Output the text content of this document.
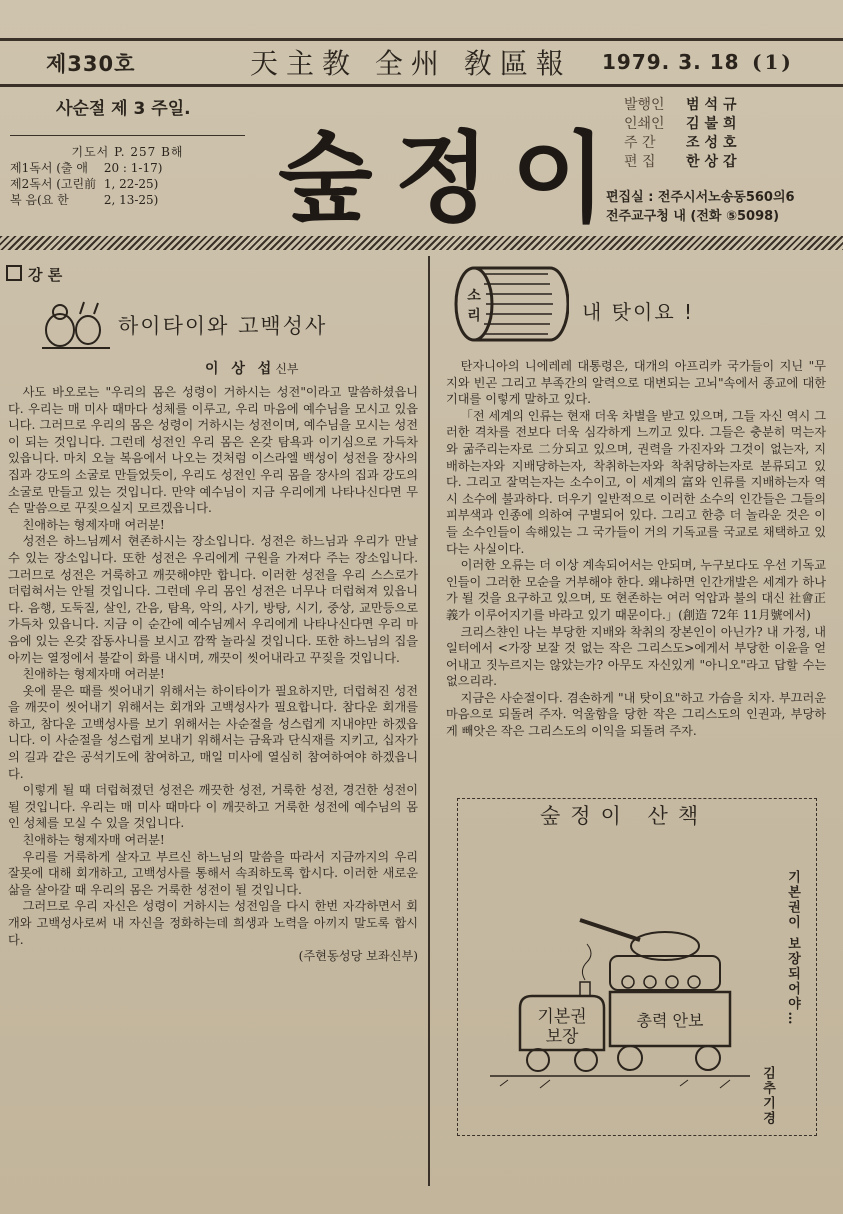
제330호	天主教 全州 敎區報 1979. 3. 18 (1)
사순절 제 3 주일.
기도서 P. 257 B해
제1독서 (출 애 20 : 1-17)
제2독서 (고린前 1, 22-25)
복 음(요 한	2, 13-25)	숲정이
발행인 범석규
인쇄인 김불희
주 간 조성호
편 집 한상갑
편집실 : 전주시서노송동560의6
전주교구청 내 (전화 ⑤5098)
강 론
하이타이와 고백성사
이 상 섭신부

사도 바오로는 "우리의 몸은 성령이 거하시는 성전"이라고 말씀하셨읍니다. 우리는 매 미사 때마다 성체를 이루고, 우리 마음에 예수님을 모시고 있읍니다. 그러므로 우리의 몸은 성령이 거하시는 성전이며, 예수님을 모시는 성전이 되는 것입니다. 그런데 성전인 우리 몸은 온갖 탐욕과 이기심으로 가득차 있읍니다. 마치 오늘 복음에서 나오는 것처럼 이스라엘 백성이 성전을 장사의 집과 강도의 소굴로 만들었듯이, 우리도 성전인 우리 몸을 장사의 집과 강도의 소굴로 만들고 있는 것입니다. 만약 예수님이 지금 우리에게 나타나신다면 무슨 말씀으로 꾸짖으실지 모르겠읍니다.

친애하는 형제자매 여러분!

성전은 하느님께서 현존하시는 장소입니다. 성전은 하느님과 우리가 만날 수 있는 장소입니다. 또한 성전은 우리에게 구원을 가져다 주는 장소입니다. 그러므로 성전은 거룩하고 깨끗해야만 합니다. 이러한 성전을 우리 스스로가 더럽혀서는 안될 것입니다. 그런데 우리 몸인 성전은 너무나 더럽혀져 있읍니다. 음행, 도둑질, 살인, 간음, 탐욕, 악의, 사기, 방탕, 시기, 중상, 교만등으로 가득차 있읍니다. 지금 이 순간에 예수님께서 우리에게 나타나신다면 우리 마음에 있는 온갖 잡동사니를 보시고 깜짝 놀라실 것입니다. 또한 하느님의 집을 아끼는 열정에서 불같이 화를 내시며, 깨끗이 씻어내라고 꾸짖을 것입니다.

친애하는 형제자매 여러분!

옷에 묻은 때를 씻어내기 위해서는 하이타이가 필요하지만, 더럽혀진 성전을 깨끗이 씻어내기 위해서는 회개와 고백성사가 필요합니다. 참다운 회개를 하고, 참다운 고백성사를 보기 위해서는 사순절을 성스럽게 지내야만 하겠읍니다. 이 사순절을 성스럽게 보내기 위해서는 금육과 단식재를 지키고, 십자가의 길과 같은 공석기도에 참여하고, 매일 미사에 열심히 참여하여야 하겠읍니다.

이렇게 될 때 더럽혀졌던 성전은 깨끗한 성전, 거룩한 성전, 경건한 성전이 될 것입니다. 우리는 매 미사 때마다 이 깨끗하고 거룩한 성전에 예수님의 몸인 성체를 모실 수 있을 것입니다.

친애하는 형제자매 여러분!

우리를 거룩하게 살자고 부르신 하느님의 말씀을 따라서 지금까지의 우리 잘못에 대해 회개하고, 고백성사를 통해서 속죄하도록 합시다. 이러한 새로운 삶을 살아갈 때 우리의 몸은 거룩한 성전이 될 것입니다.

그러므로 우리 자신은 성령이 거하시는 성전임을 다시 한번 자각하면서 회개와 고백성사로써 내 자신을 정화하는데 희생과 노력을 아끼지 말도록 합시다.

(주현동성당 보좌신부)

소
리	내 탓이요 !

탄자니아의 니에레레 대통령은, 대개의 아프리카 국가들이 지닌 "무지와 빈곤 그리고 부족간의 알력으로 대변되는 고뇌"속에서 종교에 대한 기대를 이렇게 말하고 있다.

「전 세계의 인류는 현재 더욱 차별을 받고 있으며, 그들 자신 역시 그러한 격차를 전보다 더욱 심각하게 느끼고 있다. 그들은 충분히 먹는자와 굶주리는자로 二分되고 있으며, 권력을 가진자와 그것이 없는자, 지배하는자와 지배당하는자, 착취하는자와 착취당하는자로 분류되고 있다. 그리고 잘먹는자는 소수이고, 이 세계의 富와 인류를 지배하는자 역시 소수에 불과하다. 더우기 일반적으로 이러한 소수의 인간들은 그들의 피부색과 인종에 의하여 구별되어 있다. 그리고 한층 더 놀라운 것은 이들 소수인들이 속해있는 그 국가들이 거의 기독교를 국교로 채택하고 있다는 사실이다.

이러한 오류는 더 이상 계속되어서는 안되며, 누구보다도 우선 기독교인들이 그러한 모순을 거부해야 한다. 왜냐하면 인간개발은 세계가 하나가 될 것을 요구하고 있으며, 또 현존하는 여러 억압과 불의 대신 社會正義가 이루어지기를 바라고 있기 때문이다.」(創造 72年 11月號에서)

크리스챤인 나는 부당한 지배와 착취의 장본인이 아닌가? 내 가정, 내 일터에서 <가장 보잘 것 없는 작은 그리스도>에게서 부당한 이윤을 얻어내고 짓누르지는 않았는가? 아무도 자신있게 "아니오"라고 답할 수는 없으리라.

지금은 사순절이다. 겸손하게 "내 탓이요"하고 가슴을 치자. 부끄러운 마음으로 되돌려 주자. 억울함을 당한 작은 그리스도의 인권과, 부당하게 빼앗은 작은 그리스도의 이익을 되돌려 주자.

숲정이 산책
기본권
보장
총력 안보	기본권이 보장되어야…
김추기경
